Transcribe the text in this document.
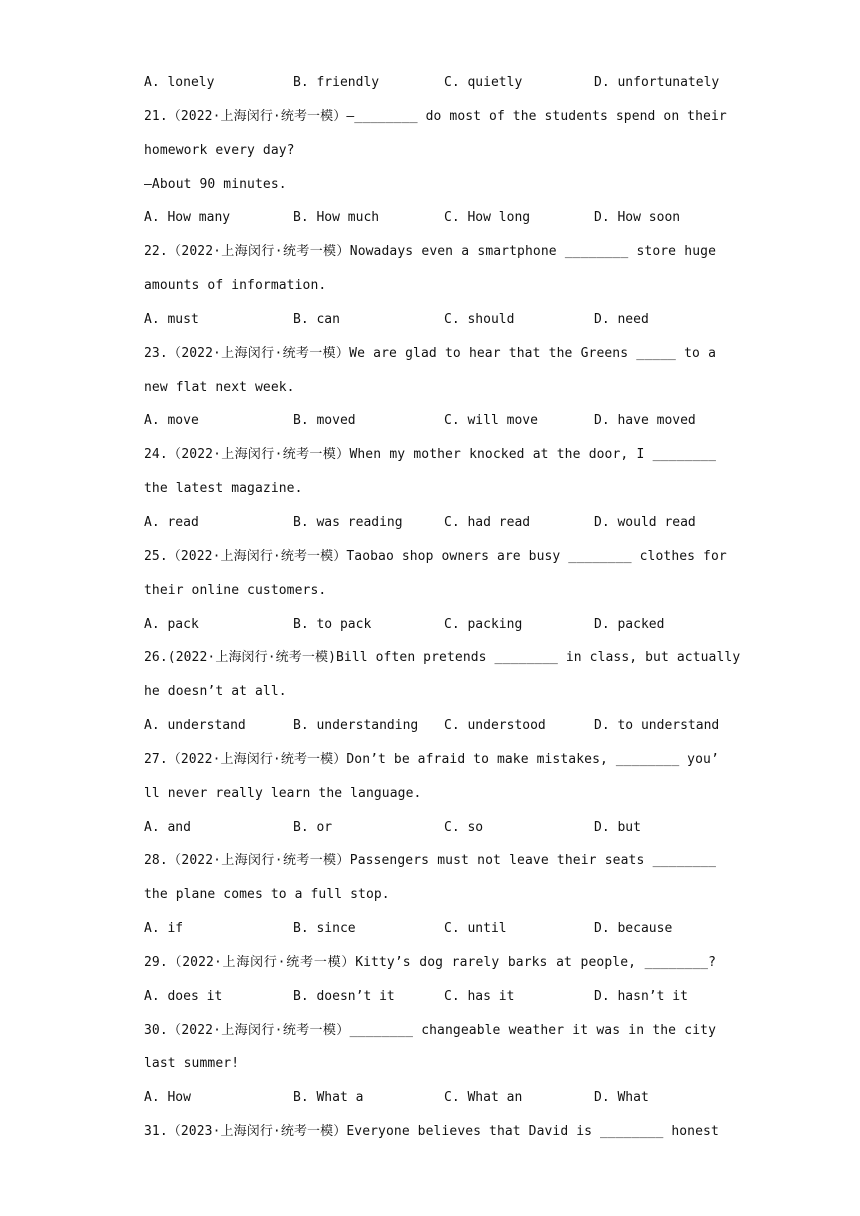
A. lonely	B. friendly	C. quietly	D. unfortunately
21.（2022·上海闵行·统考一模）—________ do most of the students spend on their
homework every day?
—About 90 minutes.
A. How many	B. How much	C. How long	D. How soon
22.（2022·上海闵行·统考一模）Nowadays even a smartphone ________ store huge
amounts of information.
A. must	B. can	C. should	D. need
23.（2022·上海闵行·统考一模）We are glad to hear that the Greens _____ to a
new flat next week.
A. move	B. moved	C. will move	D. have moved
24.（2022·上海闵行·统考一模）When my mother knocked at the door, I ________
the latest magazine.
A. read	B. was reading	C. had read	D. would read
25.（2022·上海闵行·统考一模）Taobao shop owners are busy ________ clothes for
their online customers.
A. pack	B. to pack	C. packing	D. packed
26.(2022·上海闵行·统考一模)Bill often pretends ________ in class, but actually
he doesn’t at all.
A. understand	B. understanding C. understood	D. to understand
27.（2022·上海闵行·统考一模）Don’t be afraid to make mistakes, ________ you’
ll never really learn the language.
A. and	B. or	C. so	D. but
28.（2022·上海闵行·统考一模）Passengers must not leave their seats ________
the plane comes to a full stop.
A. if	B. since	C. until	D. because
29.（2022·上海闵行·统考一模）Kitty’s dog rarely barks at people, ________?
A. does it	B. doesn’t it	C. has it	D. hasn’t it
30.（2022·上海闵行·统考一模）________ changeable weather it was in the city
last summer!
A. How	B. What a	C. What an	D. What
31.（2023·上海闵行·统考一模）Everyone believes that David is ________ honest
